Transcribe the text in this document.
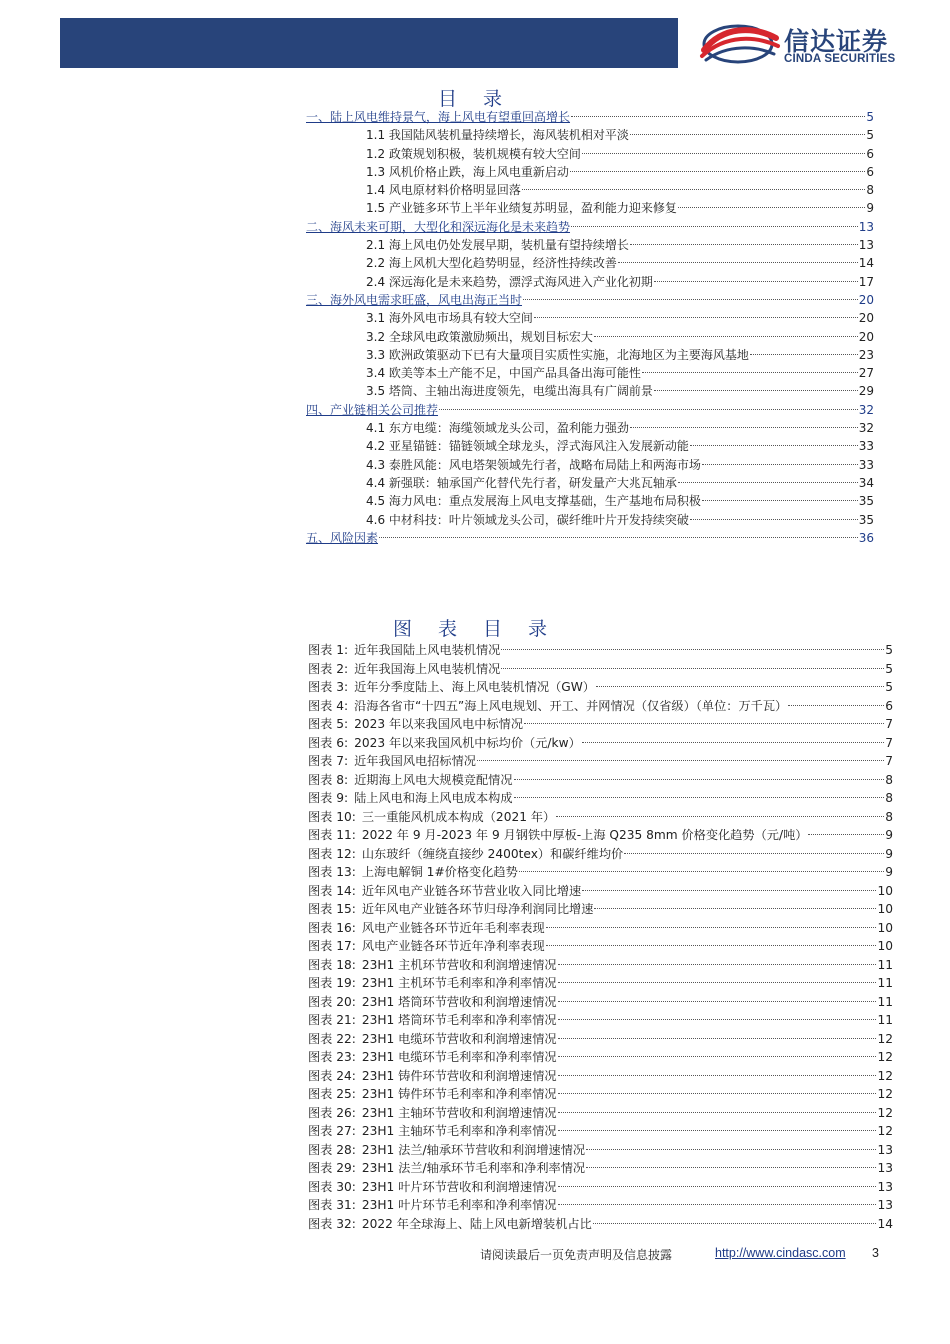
信达证券
CINDA SECURITIES
目 录
一、陆上风电维持景气，海上风电有望重回高增长	5
1.1 我国陆风装机量持续增长，海风装机相对平淡	5
1.2 政策规划积极，装机规模有较大空间	6
1.3 风机价格止跌，海上风电重新启动	6
1.4 风电原材料价格明显回落	8
1.5 产业链多环节上半年业绩复苏明显，盈利能力迎来修复	9
二、海风未来可期，大型化和深远海化是未来趋势	13
2.1 海上风电仍处发展早期，装机量有望持续增长	13
2.2 海上风机大型化趋势明显，经济性持续改善	14
2.4 深远海化是未来趋势，漂浮式海风进入产业化初期	17
三、海外风电需求旺盛，风电出海正当时	20
3.1 海外风电市场具有较大空间	20
3.2 全球风电政策激励频出，规划目标宏大	20
3.3 欧洲政策驱动下已有大量项目实质性实施，北海地区为主要海风基地	23
3.4 欧美等本土产能不足，中国产品具备出海可能性	27
3.5 塔筒、主轴出海进度领先，电缆出海具有广阔前景	29
四、产业链相关公司推荐	32
4.1 东方电缆：海缆领域龙头公司，盈利能力强劲	32
4.2 亚星锚链：锚链领域全球龙头，浮式海风注入发展新动能	33
4.3 泰胜风能：风电塔架领域先行者，战略布局陆上和两海市场	33
4.4 新强联：轴承国产化替代先行者，研发量产大兆瓦轴承	34
4.5 海力风电：重点发展海上风电支撑基础，生产基地布局积极	35
4.6 中材科技：叶片领域龙头公司，碳纤维叶片开发持续突破	35
五、风险因素	36
图 表 目 录
图表 1: 近年我国陆上风电装机情况	5
图表 2: 近年我国海上风电装机情况	5
图表 3: 近年分季度陆上、海上风电装机情况（GW）	5
图表 4: 沿海各省市“十四五”海上风电规划、开工、并网情况（仅省级）（单位：万千瓦）	6
图表 5: 2023 年以来我国风电中标情况	7
图表 6: 2023 年以来我国风机中标均价（元/kw）	7
图表 7: 近年我国风电招标情况	7
图表 8: 近期海上风电大规模竞配情况	8
图表 9: 陆上风电和海上风电成本构成	8
图表 10: 三一重能风机成本构成（2021 年）	8
图表 11: 2022 年 9 月-2023 年 9 月钢铁中厚板-上海 Q235 8mm 价格变化趋势（元/吨）	9
图表 12: 山东玻纤（缠绕直接纱 2400tex）和碳纤维均价	9
图表 13: 上海电解铜 1#价格变化趋势	9
图表 14: 近年风电产业链各环节营业收入同比增速	10
图表 15: 近年风电产业链各环节归母净利润同比增速	10
图表 16: 风电产业链各环节近年毛利率表现	10
图表 17: 风电产业链各环节近年净利率表现	10
图表 18: 23H1 主机环节营收和利润增速情况	11
图表 19: 23H1 主机环节毛利率和净利率情况	11
图表 20: 23H1 塔筒环节营收和利润增速情况	11
图表 21: 23H1 塔筒环节毛利率和净利率情况	11
图表 22: 23H1 电缆环节营收和利润增速情况	12
图表 23: 23H1 电缆环节毛利率和净利率情况	12
图表 24: 23H1 铸件环节营收和利润增速情况	12
图表 25: 23H1 铸件环节毛利率和净利率情况	12
图表 26: 23H1 主轴环节营收和利润增速情况	12
图表 27: 23H1 主轴环节毛利率和净利率情况	12
图表 28: 23H1 法兰/轴承环节营收和利润增速情况	13
图表 29: 23H1 法兰/轴承环节毛利率和净利率情况	13
图表 30: 23H1 叶片环节营收和利润增速情况	13
图表 31: 23H1 叶片环节毛利率和净利率情况	13
图表 32: 2022 年全球海上、陆上风电新增装机占比	14
请阅读最后一页免责声明及信息披露	http://www.cindasc.com 3
